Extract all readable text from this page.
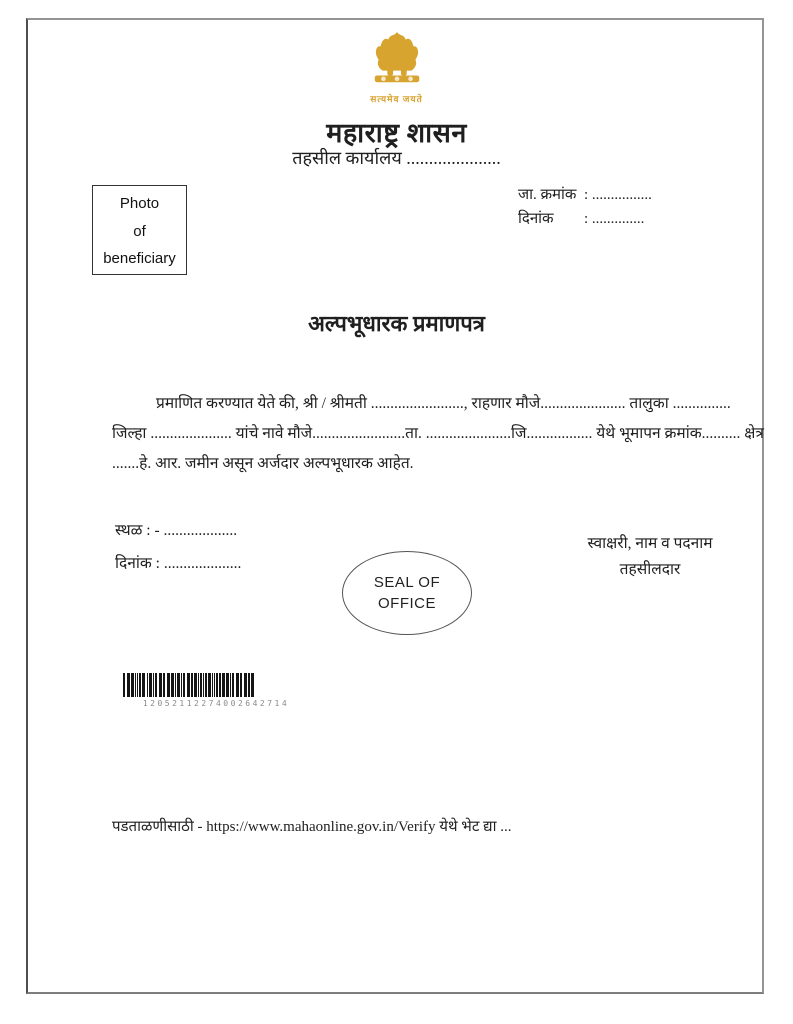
सत्यमेव जयते
महाराष्ट्र शासन
तहसील कार्यालय .....................
Photo
of
beneficiary
जा. क्रमांक : ................
दिनांक	: ..............
अल्पभूधारक प्रमाणपत्र
प्रमाणित करण्यात येते की, श्री / श्रीमती ........................, राहणार मौजे...................... तालुका ...............
जिल्हा ..................... यांचे नावे मौजे........................ता. ......................जि................. येथे भूमापन क्रमांक.......... क्षेत्र
.......हे. आर. जमीन असून अर्जदार अल्पभूधारक आहेत.
स्थळ : - ...................
दिनांक : ....................
SEAL OF
OFFICE
स्वाक्षरी, नाम व पदनाम
तहसीलदार
12052112274002642714
पडताळणीसाठी - https://www.mahaonline.gov.in/Verify येथे भेट द्या ...
